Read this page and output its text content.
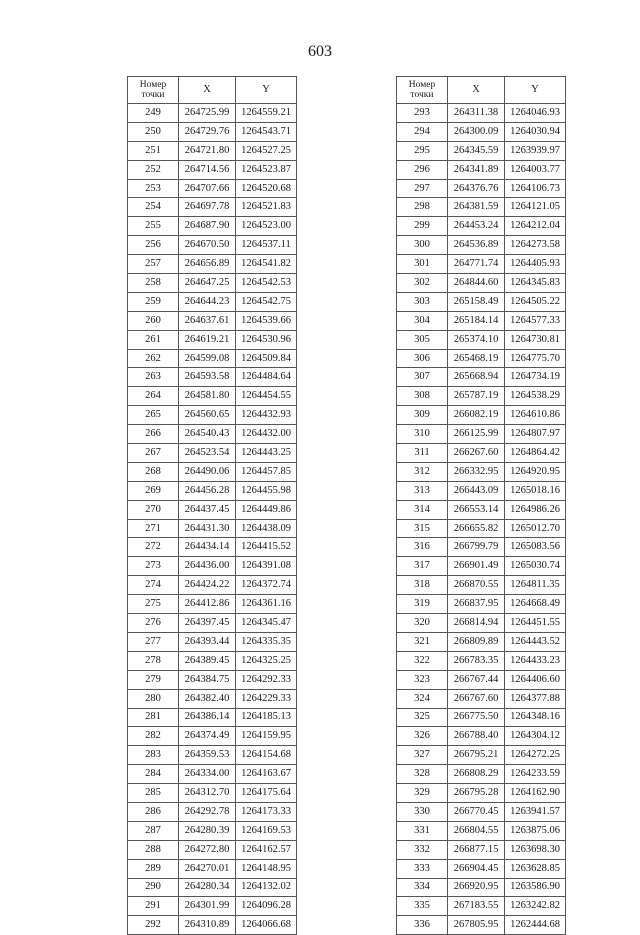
603
Номер точки	X	Y
249	264725.99	1264559.21
250	264729.76	1264543.71
251	264721.80	1264527.25
252	264714.56	1264523.87
253	264707.66	1264520.68
254	264697.78	1264521.83
255	264687.90	1264523.00
256	264670.50	1264537.11
257	264656.89	1264541.82
258	264647.25	1264542.53
259	264644.23	1264542.75
260	264637.61	1264539.66
261	264619.21	1264530.96
262	264599.08	1264509.84
263	264593.58	1264484.64
264	264581.80	1264454.55
265	264560.65	1264432.93
266	264540.43	1264432.00
267	264523.54	1264443.25
268	264490.06	1264457.85
269	264456.28	1264455.98
270	264437.45	1264449.86
271	264431.30	1264438.09
272	264434.14	1264415.52
273	264436.00	1264391.08
274	264424.22	1264372.74
275	264412.86	1264361.16
276	264397.45	1264345.47
277	264393.44	1264335.35
278	264389.45	1264325.25
279	264384.75	1264292.33
280	264382.40	1264229.33
281	264386.14	1264185.13
282	264374.49	1264159.95
283	264359.53	1264154.68
284	264334.00	1264163.67
285	264312.70	1264175.64
286	264292.78	1264173.33
287	264280.39	1264169.53
288	264272.80	1264162.57
289	264270.01	1264148.95
290	264280.34	1264132.02
291	264301.99	1264096.28
292	264310.89	1264066.68
Номер точки	X	Y
293	264311.38	1264046.93
294	264300.09	1264030.94
295	264345.59	1263939.97
296	264341.89	1264003.77
297	264376.76	1264106.73
298	264381.59	1264121.05
299	264453.24	1264212.04
300	264536.89	1264273.58
301	264771.74	1264405.93
302	264844.60	1264345.83
303	265158.49	1264505.22
304	265184.14	1264577.33
305	265374.10	1264730.81
306	265468.19	1264775.70
307	265668.94	1264734.19
308	265787.19	1264538.29
309	266082.19	1264610.86
310	266125.99	1264807.97
311	266267.60	1264864.42
312	266332.95	1264920.95
313	266443.09	1265018.16
314	266553.14	1264986.26
315	266655.82	1265012.70
316	266799.79	1265083.56
317	266901.49	1265030.74
318	266870.55	1264811.35
319	266837.95	1264668.49
320	266814.94	1264451.55
321	266809.89	1264443.52
322	266783.35	1264433.23
323	266767.44	1264406.60
324	266767.60	1264377.88
325	266775.50	1264348.16
326	266788.40	1264304.12
327	266795.21	1264272.25
328	266808.29	1264233.59
329	266795.28	1264162.90
330	266770.45	1263941.57
331	266804.55	1263875.06
332	266877.15	1263698.30
333	266904.45	1263628.85
334	266920.95	1263586.90
335	267183.55	1263242.82
336	267805.95	1262444.68
